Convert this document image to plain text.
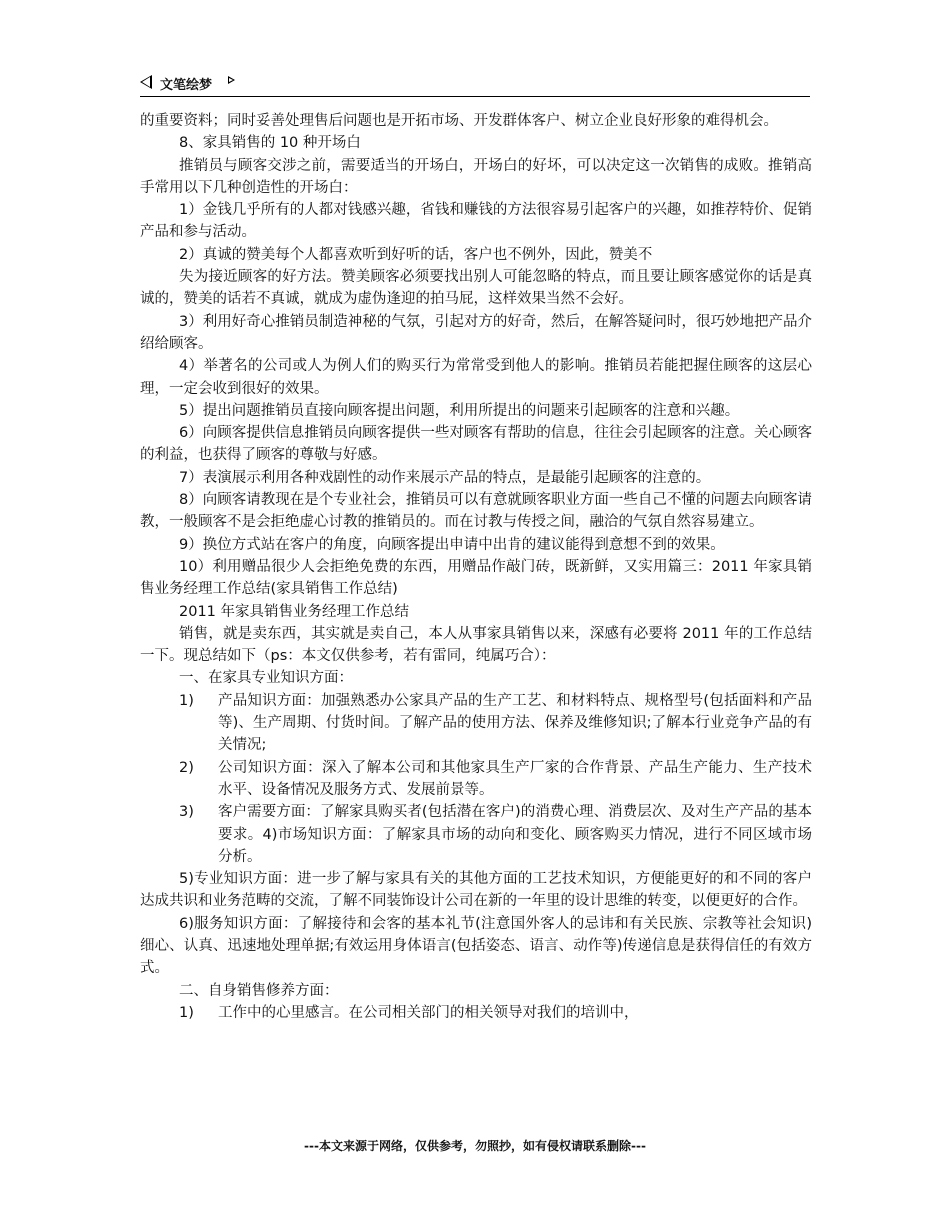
文笔绘梦

的重要资料；同时妥善处理售后问题也是开拓市场、开发群体客户、树立企业良好形象的难得机会。

8、家具销售的 10 种开场白

推销员与顾客交涉之前，需要适当的开场白，开场白的好坏，可以决定这一次销售的成败。推销高手常用以下几种创造性的开场白：

1）金钱几乎所有的人都对钱感兴趣，省钱和赚钱的方法很容易引起客户的兴趣，如推荐特价、促销产品和参与活动。

2）真诚的赞美每个人都喜欢听到好听的话，客户也不例外，因此，赞美不

失为接近顾客的好方法。赞美顾客必须要找出别人可能忽略的特点，而且要让顾客感觉你的话是真诚的，赞美的话若不真诚，就成为虚伪逢迎的拍马屁，这样效果当然不会好。

3）利用好奇心推销员制造神秘的气氛，引起对方的好奇，然后，在解答疑问时，很巧妙地把产品介绍给顾客。

4）举著名的公司或人为例人们的购买行为常常受到他人的影响。推销员若能把握住顾客的这层心理，一定会收到很好的效果。

5）提出问题推销员直接向顾客提出问题，利用所提出的问题来引起顾客的注意和兴趣。

6）向顾客提供信息推销员向顾客提供一些对顾客有帮助的信息，往往会引起顾客的注意。关心顾客的利益，也获得了顾客的尊敬与好感。

7）表演展示利用各种戏剧性的动作来展示产品的特点，是最能引起顾客的注意的。

8）向顾客请教现在是个专业社会，推销员可以有意就顾客职业方面一些自己不懂的问题去向顾客请教，一般顾客不是会拒绝虚心讨教的推销员的。而在讨教与传授之间，融洽的气氛自然容易建立。

9）换位方式站在客户的角度，向顾客提出申请中出肯的建议能得到意想不到的效果。

10）利用赠品很少人会拒绝免费的东西，用赠品作敲门砖，既新鲜，又实用篇三：2011 年家具销售业务经理工作总结(家具销售工作总结)

2011 年家具销售业务经理工作总结

销售，就是卖东西，其实就是卖自己，本人从事家具销售以来，深感有必要将 2011 年的工作总结一下。现总结如下（ps：本文仅供参考，若有雷同，纯属巧合）：

一、在家具专业知识方面：

1) 产品知识方面：加强熟悉办公家具产品的生产工艺、和材料特点、规格型号(包括面料和产品等)、生产周期、付货时间。了解产品的使用方法、保养及维修知识;了解本行业竞争产品的有关情况;
2) 公司知识方面：深入了解本公司和其他家具生产厂家的合作背景、产品生产能力、生产技术水平、设备情况及服务方式、发展前景等。
3) 客户需要方面：了解家具购买者(包括潜在客户)的消费心理、消费层次、及对生产产品的基本要求。4)市场知识方面：了解家具市场的动向和变化、顾客购买力情况，进行不同区域市场分析。

5)专业知识方面：进一步了解与家具有关的其他方面的工艺技术知识，方便能更好的和不同的客户达成共识和业务范畴的交流，了解不同装饰设计公司在新的一年里的设计思维的转变，以便更好的合作。

6)服务知识方面：了解接待和会客的基本礼节(注意国外客人的忌讳和有关民族、宗教等社会知识)细心、认真、迅速地处理单据;有效运用身体语言(包括姿态、语言、动作等)传递信息是获得信任的有效方式。

二、自身销售修养方面：

1) 工作中的心里感言。在公司相关部门的相关领导对我们的培训中，
---本文来源于网络，仅供参考，勿照抄，如有侵权请联系删除---
